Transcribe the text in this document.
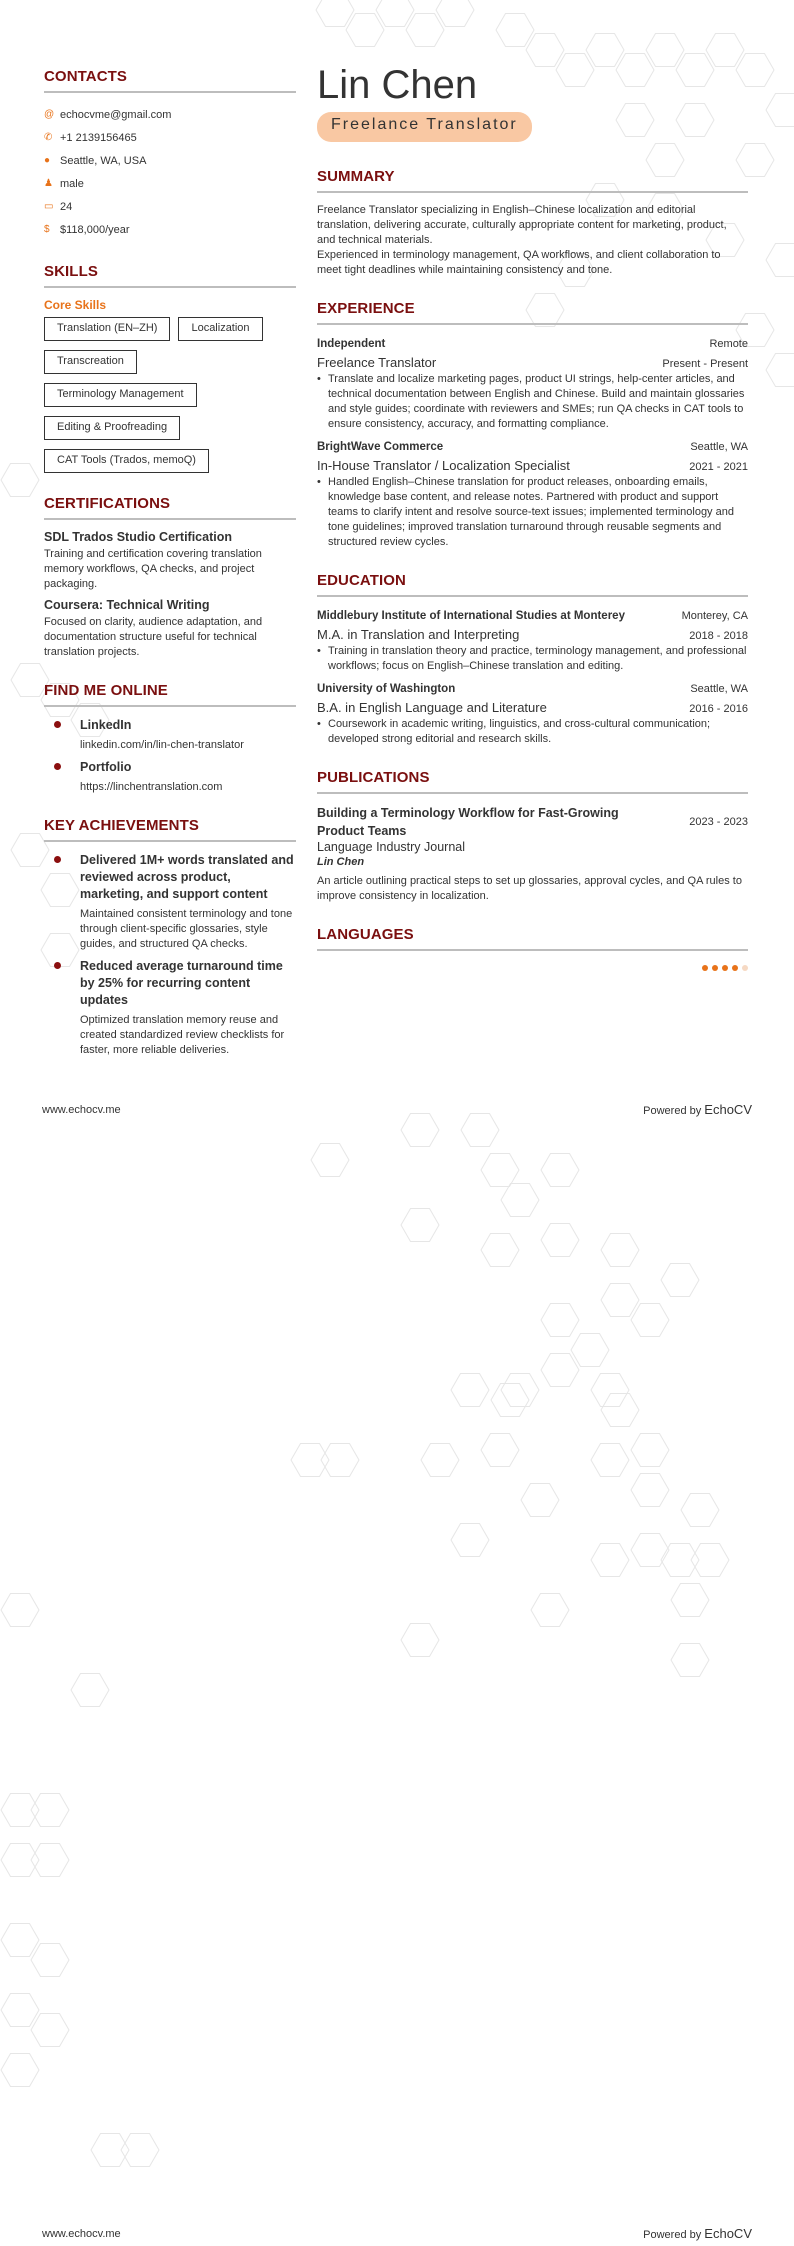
CONTACTS
@ echocvme@gmail.com
✆ +1 2139156465
● Seattle, WA, USA
♟ male
▭ 24
$ $118,000/year
SKILLS
Core Skills
Translation (EN–ZH)	Localization
Transcreation
Terminology Management
Editing & Proofreading
CAT Tools (Trados, memoQ)
CERTIFICATIONS
SDL Trados Studio Certification
Training and certification covering translation memory workflows, QA checks, and project packaging.
Coursera: Technical Writing
Focused on clarity, audience adaptation, and documentation structure useful for technical translation projects.
FIND ME ONLINE
LinkedIn
linkedin.com/in/lin-chen-translator
Portfolio
https://linchentranslation.com
KEY ACHIEVEMENTS
Delivered 1M+ words translated and reviewed across product, marketing, and support content
Maintained consistent terminology and tone through client-specific glossaries, style guides, and structured QA checks.
Reduced average turnaround time by 25% for recurring content updates
Optimized translation memory reuse and created standardized review checklists for faster, more reliable deliveries.
Lin Chen
Freelance Translator
SUMMARY
Freelance Translator specializing in English–Chinese localization and editorial translation, delivering accurate, culturally appropriate content for marketing, product, and technical materials.
Experienced in terminology management, QA workflows, and client collaboration to meet tight deadlines while maintaining consistency and tone.
EXPERIENCE
Independent	Remote
Freelance Translator	Present - Present
• Translate and localize marketing pages, product UI strings, help-center articles, and technical documentation between English and Chinese. Build and maintain glossaries and style guides; coordinate with reviewers and SMEs; run QA checks in CAT tools to ensure consistency, accuracy, and formatting compliance.
BrightWave Commerce	Seattle, WA
In-House Translator / Localization Specialist	2021 - 2021
• Handled English–Chinese translation for product releases, onboarding emails, knowledge base content, and release notes. Partnered with product and support teams to clarify intent and resolve source-text issues; implemented terminology and tone guidelines; improved translation turnaround through reusable segments and structured review cycles.
EDUCATION
Middlebury Institute of International Studies at Monterey	Monterey, CA
M.A. in Translation and Interpreting	2018 - 2018
• Training in translation theory and practice, terminology management, and professional workflows; focus on English–Chinese translation and editing.
University of Washington	Seattle, WA
B.A. in English Language and Literature	2016 - 2016
• Coursework in academic writing, linguistics, and cross-cultural communication; developed strong editorial and research skills.
PUBLICATIONS
Building a Terminology Workflow for Fast-Growing Product Teams
2023 - 2023
Language Industry Journal
Lin Chen
An article outlining practical steps to set up glossaries, approval cycles, and QA rules to improve consistency in localization.
LANGUAGES
www.echocv.me	Powered by EchoCV
www.echocv.me	Powered by EchoCV
